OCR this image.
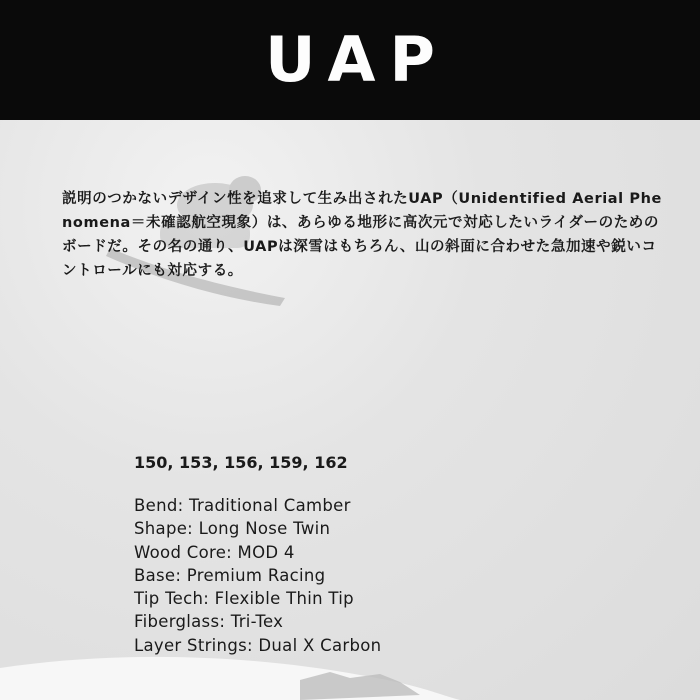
UAP
説明のつかないデザイン性を追求して生み出されたUAP（Unidentified Aerial Phenomena＝未確認航空現象）は、あらゆる地形に高次元で対応したいライダーのためのボードだ。その名の通り、UAPは深雪はもちろん、山の斜面に合わせた急加速や鋭いコントロールにも対応する。
150, 153, 156, 159, 162
Bend: Traditional Camber
Shape: Long Nose Twin
Wood Core: MOD 4
Base: Premium Racing
Tip Tech: Flexible Thin Tip
Fiberglass: Tri-Tex
Layer Strings: Dual X Carbon
